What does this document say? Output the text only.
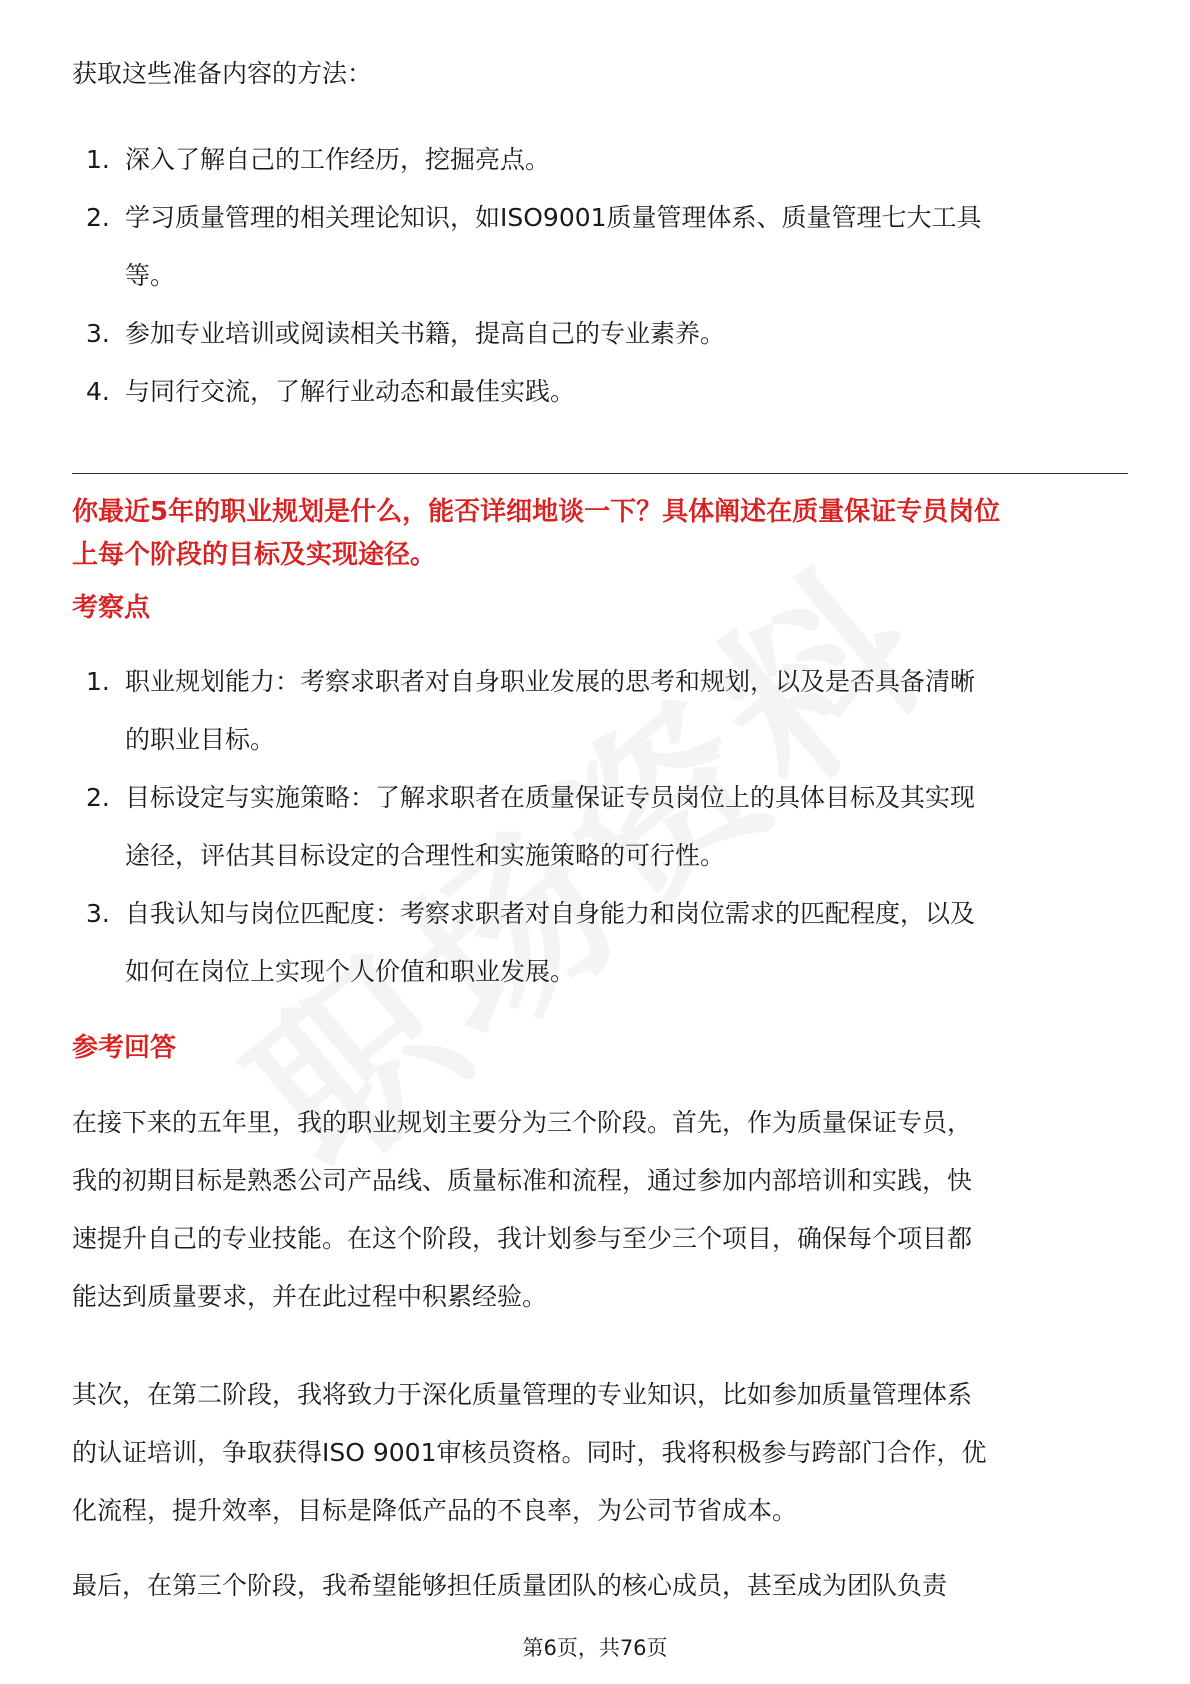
获取这些准备内容的方法：
1. 深入了解自己的工作经历，挖掘亮点。
2. 学习质量管理的相关理论知识，如ISO9001质量管理体系、质量管理七大工具
等。
3. 参加专业培训或阅读相关书籍，提高自己的专业素养。
4. 与同行交流，了解行业动态和最佳实践。
你最近5年的职业规划是什么，能否详细地谈一下？具体阐述在质量保证专员岗位
上每个阶段的目标及实现途径。
考察点
1. 职业规划能力：考察求职者对自身职业发展的思考和规划，以及是否具备清晰
的职业目标。
2. 目标设定与实施策略：了解求职者在质量保证专员岗位上的具体目标及其实现
途径，评估其目标设定的合理性和实施策略的可行性。
3. 自我认知与岗位匹配度：考察求职者对自身能力和岗位需求的匹配程度，以及
如何在岗位上实现个人价值和职业发展。
参考回答
在接下来的五年里，我的职业规划主要分为三个阶段。首先，作为质量保证专员，
我的初期目标是熟悉公司产品线、质量标准和流程，通过参加内部培训和实践，快
速提升自己的专业技能。在这个阶段，我计划参与至少三个项目，确保每个项目都
能达到质量要求，并在此过程中积累经验。
其次，在第二阶段，我将致力于深化质量管理的专业知识，比如参加质量管理体系
的认证培训，争取获得ISO 9001审核员资格。同时，我将积极参与跨部门合作，优
化流程，提升效率，目标是降低产品的不良率，为公司节省成本。
最后，在第三个阶段，我希望能够担任质量团队的核心成员，甚至成为团队负责
第6页，共76页
